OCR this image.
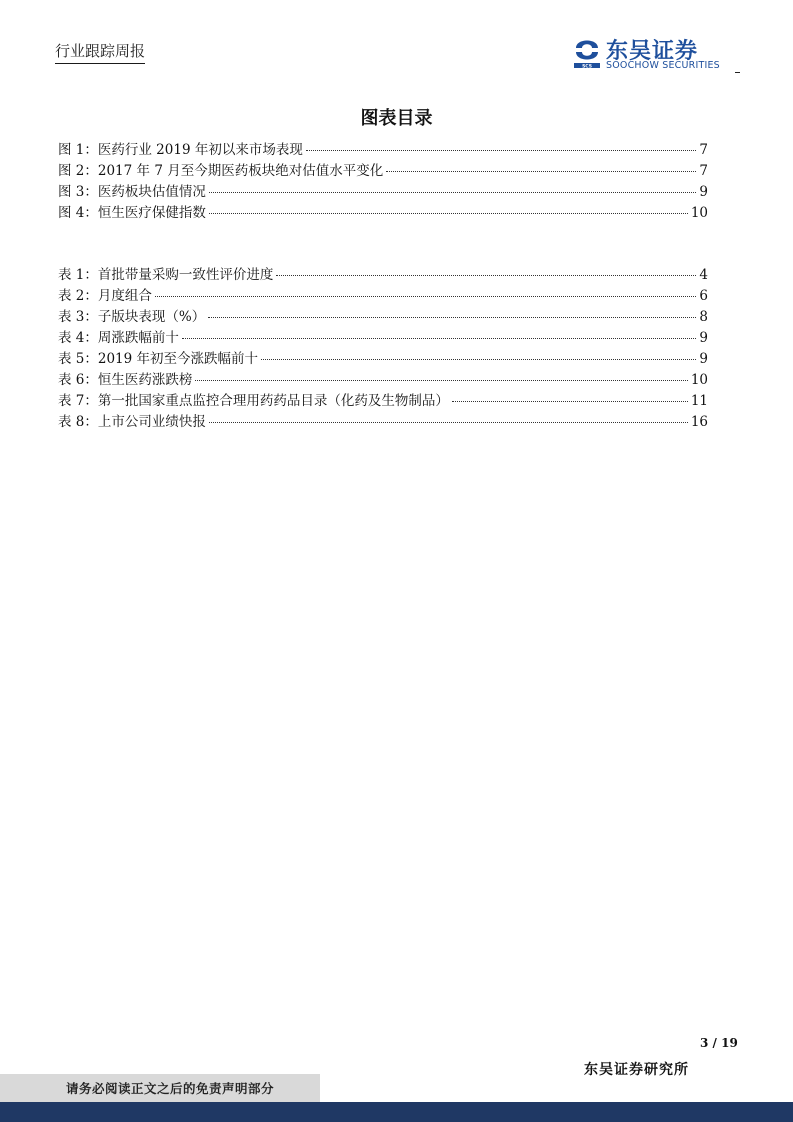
行业跟踪周报
SCS
东吴证券
SOOCHOW SECURITIES
图表目录
图 1：医药行业 2019 年初以来市场表现	7
图 2：2017 年 7 月至今期医药板块绝对估值水平变化	7
图 3：医药板块估值情况	9
图 4：恒生医疗保健指数	10
表 1：首批带量采购一致性评价进度	4
表 2：月度组合	6
表 3：子版块表现（%）	8
表 4：周涨跌幅前十	9
表 5：2019 年初至今涨跌幅前十	9
表 6：恒生医药涨跌榜	10
表 7：第一批国家重点监控合理用药药品目录（化药及生物制品）	11
表 8：上市公司业绩快报	16
3 / 19
东吴证券研究所
请务必阅读正文之后的免责声明部分
